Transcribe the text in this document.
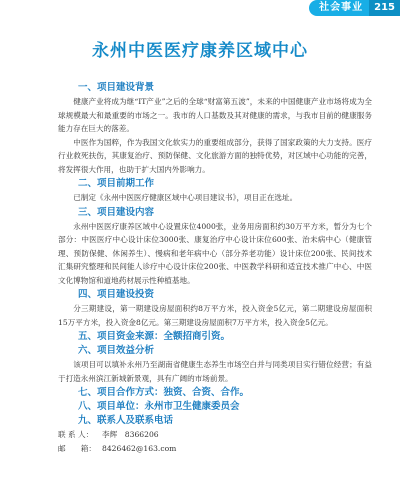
社会事业	215
永州中医医疗康养区域中心
一、项目建设背景

健康产业将成为继“IT产业”之后的全球“财富第五波”，未来的中国健康产业市场将成为全球规模最大和最重要的市场之一。我市的人口基数及其对健康的需求，与我市目前的健康服务能力存在巨大的落差。

中医作为国粹，作为我国文化软实力的重要组成部分，获得了国家政策的大力支持。医疗行业救死扶伤，其康复治疗、预防保健、文化旅游方面的独特优势，对区域中心功能的完善，将发挥很大作用，也助于扩大国内外影响力。

二、项目前期工作

已制定《永州中医医疗健康区域中心项目建议书》，项目正在选址。

三、项目建设内容

永州中医医疗康养区域中心设置床位4000张，业务用房面积约30万平方米，暂分为七个部分：中医医疗中心设计床位3000张、康复治疗中心设计床位600张、治未病中心（健康管理、预防保健、休闲养生）、慢病和老年病中心（部分养老功能）设计床位200张、民间技术汇集研究整理和民间能人诊疗中心设计床位200张、中医教学科研和适宜技术推广中心、中医文化博物馆和道地药材展示性种植基地。

四、项目建设投资

分三期建设，第一期建设房屋面积约8万平方米，投入资金5亿元，第二期建设房屋面积15万平方米，投入资金8亿元。第三期建设房屋面积7万平方米，投入资金5亿元。

五、项目资金来源：全额招商引资。
六、项目效益分析

该项目可以填补永州乃至湖南省健康生态养生市场空白并与同类项目实行错位经营；有益于打造永州滨江新城新景观，具有广阔的市场前景。

七、项目合作方式：独资、合资、合作。
八、项目单位：永州市卫生健康委员会
九、联系人及联系电话

联 系 人： 李辉　8366206

邮　　箱： 8426462@163.com
